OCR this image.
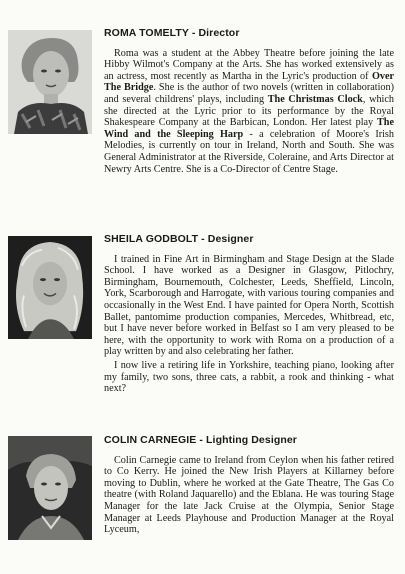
ROMA TOMELTY - Director

Roma was a student at the Abbey Theatre before joining the late Hibby Wilmot's Company at the Arts. She has worked extensively as an actress, most recently as Martha in the Lyric's production of Over The Bridge. She is the author of two novels (written in collaboration) and several childrens' plays, including The Christmas Clock, which she directed at the Lyric prior to its performance by the Royal Shakespeare Company at the Barbican, London. Her latest play The Wind and the Sleeping Harp - a celebration of Moore's Irish Melodies, is currently on tour in Ireland, North and South. She was General Administrator at the Riverside, Coleraine, and Arts Director at Newry Arts Centre. She is a Co-Director of Centre Stage.

SHEILA GODBOLT - Designer

I trained in Fine Art in Birmingham and Stage Design at the Slade School. I have worked as a Designer in Glasgow, Pitlochry, Birmingham, Bournemouth, Colchester, Leeds, Sheffield, Lincoln, York, Scarborough and Harrogate, with various touring companies and occasionally in the West End. I have painted for Opera North, Scottish Ballet, pantomime production companies, Mercedes, Whitbread, etc, but I have never before worked in Belfast so I am very pleased to be here, with the opportunity to work with Roma on a production of a play written by and also celebrating her father.

I now live a retiring life in Yorkshire, teaching piano, looking after my family, two sons, three cats, a rabbit, a rook and thinking - what next?

COLIN CARNEGIE - Lighting Designer

Colin Carnegie came to Ireland from Ceylon when his father retired to Co Kerry. He joined the New Irish Players at Killarney before moving to Dublin, where he worked at the Gate Theatre, The Gas Co theatre (with Roland Jaquarello) and the Eblana. He was touring Stage Manager for the late Jack Cruise at the Olympia, Senior Stage Manager at Leeds Playhouse and Production Manager at the Royal Lyceum,
